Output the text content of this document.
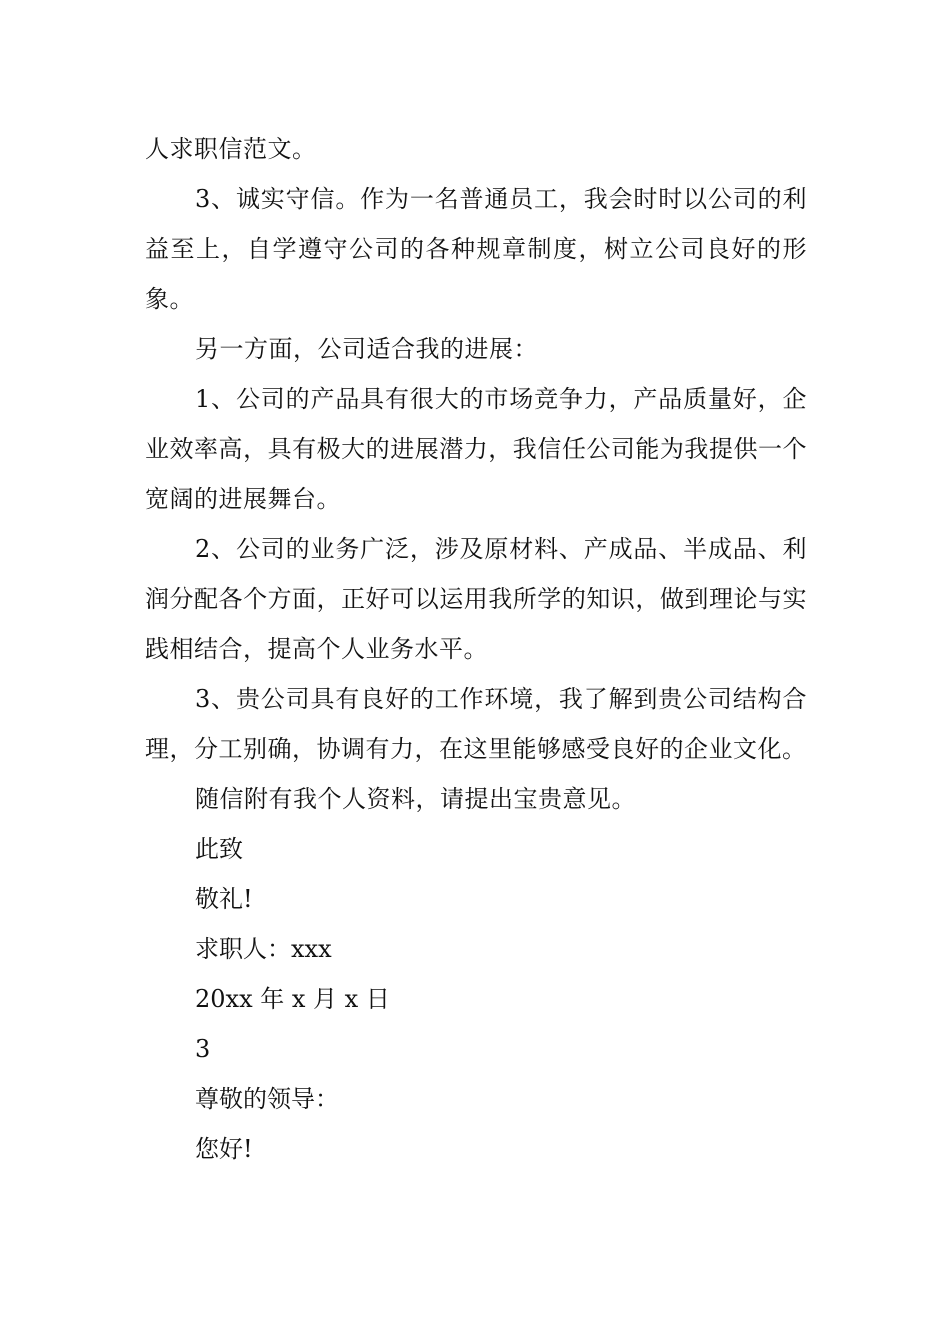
人求职信范文。

3、诚实守信。作为一名普通员工，我会时时以公司的利益至上，自学遵守公司的各种规章制度，树立公司良好的形象。

另一方面，公司适合我的进展：

1、公司的产品具有很大的市场竞争力，产品质量好，企业效率高，具有极大的进展潜力，我信任公司能为我提供一个宽阔的进展舞台。

2、公司的业务广泛，涉及原材料、产成品、半成品、利润分配各个方面，正好可以运用我所学的知识，做到理论与实践相结合，提高个人业务水平。

3、贵公司具有良好的工作环境，我了解到贵公司结构合理，分工别确，协调有力，在这里能够感受良好的企业文化。

随信附有我个人资料，请提出宝贵意见。

此致

敬礼!

求职人：xxx

20xx 年 x 月 x 日

3

尊敬的领导：

您好!
